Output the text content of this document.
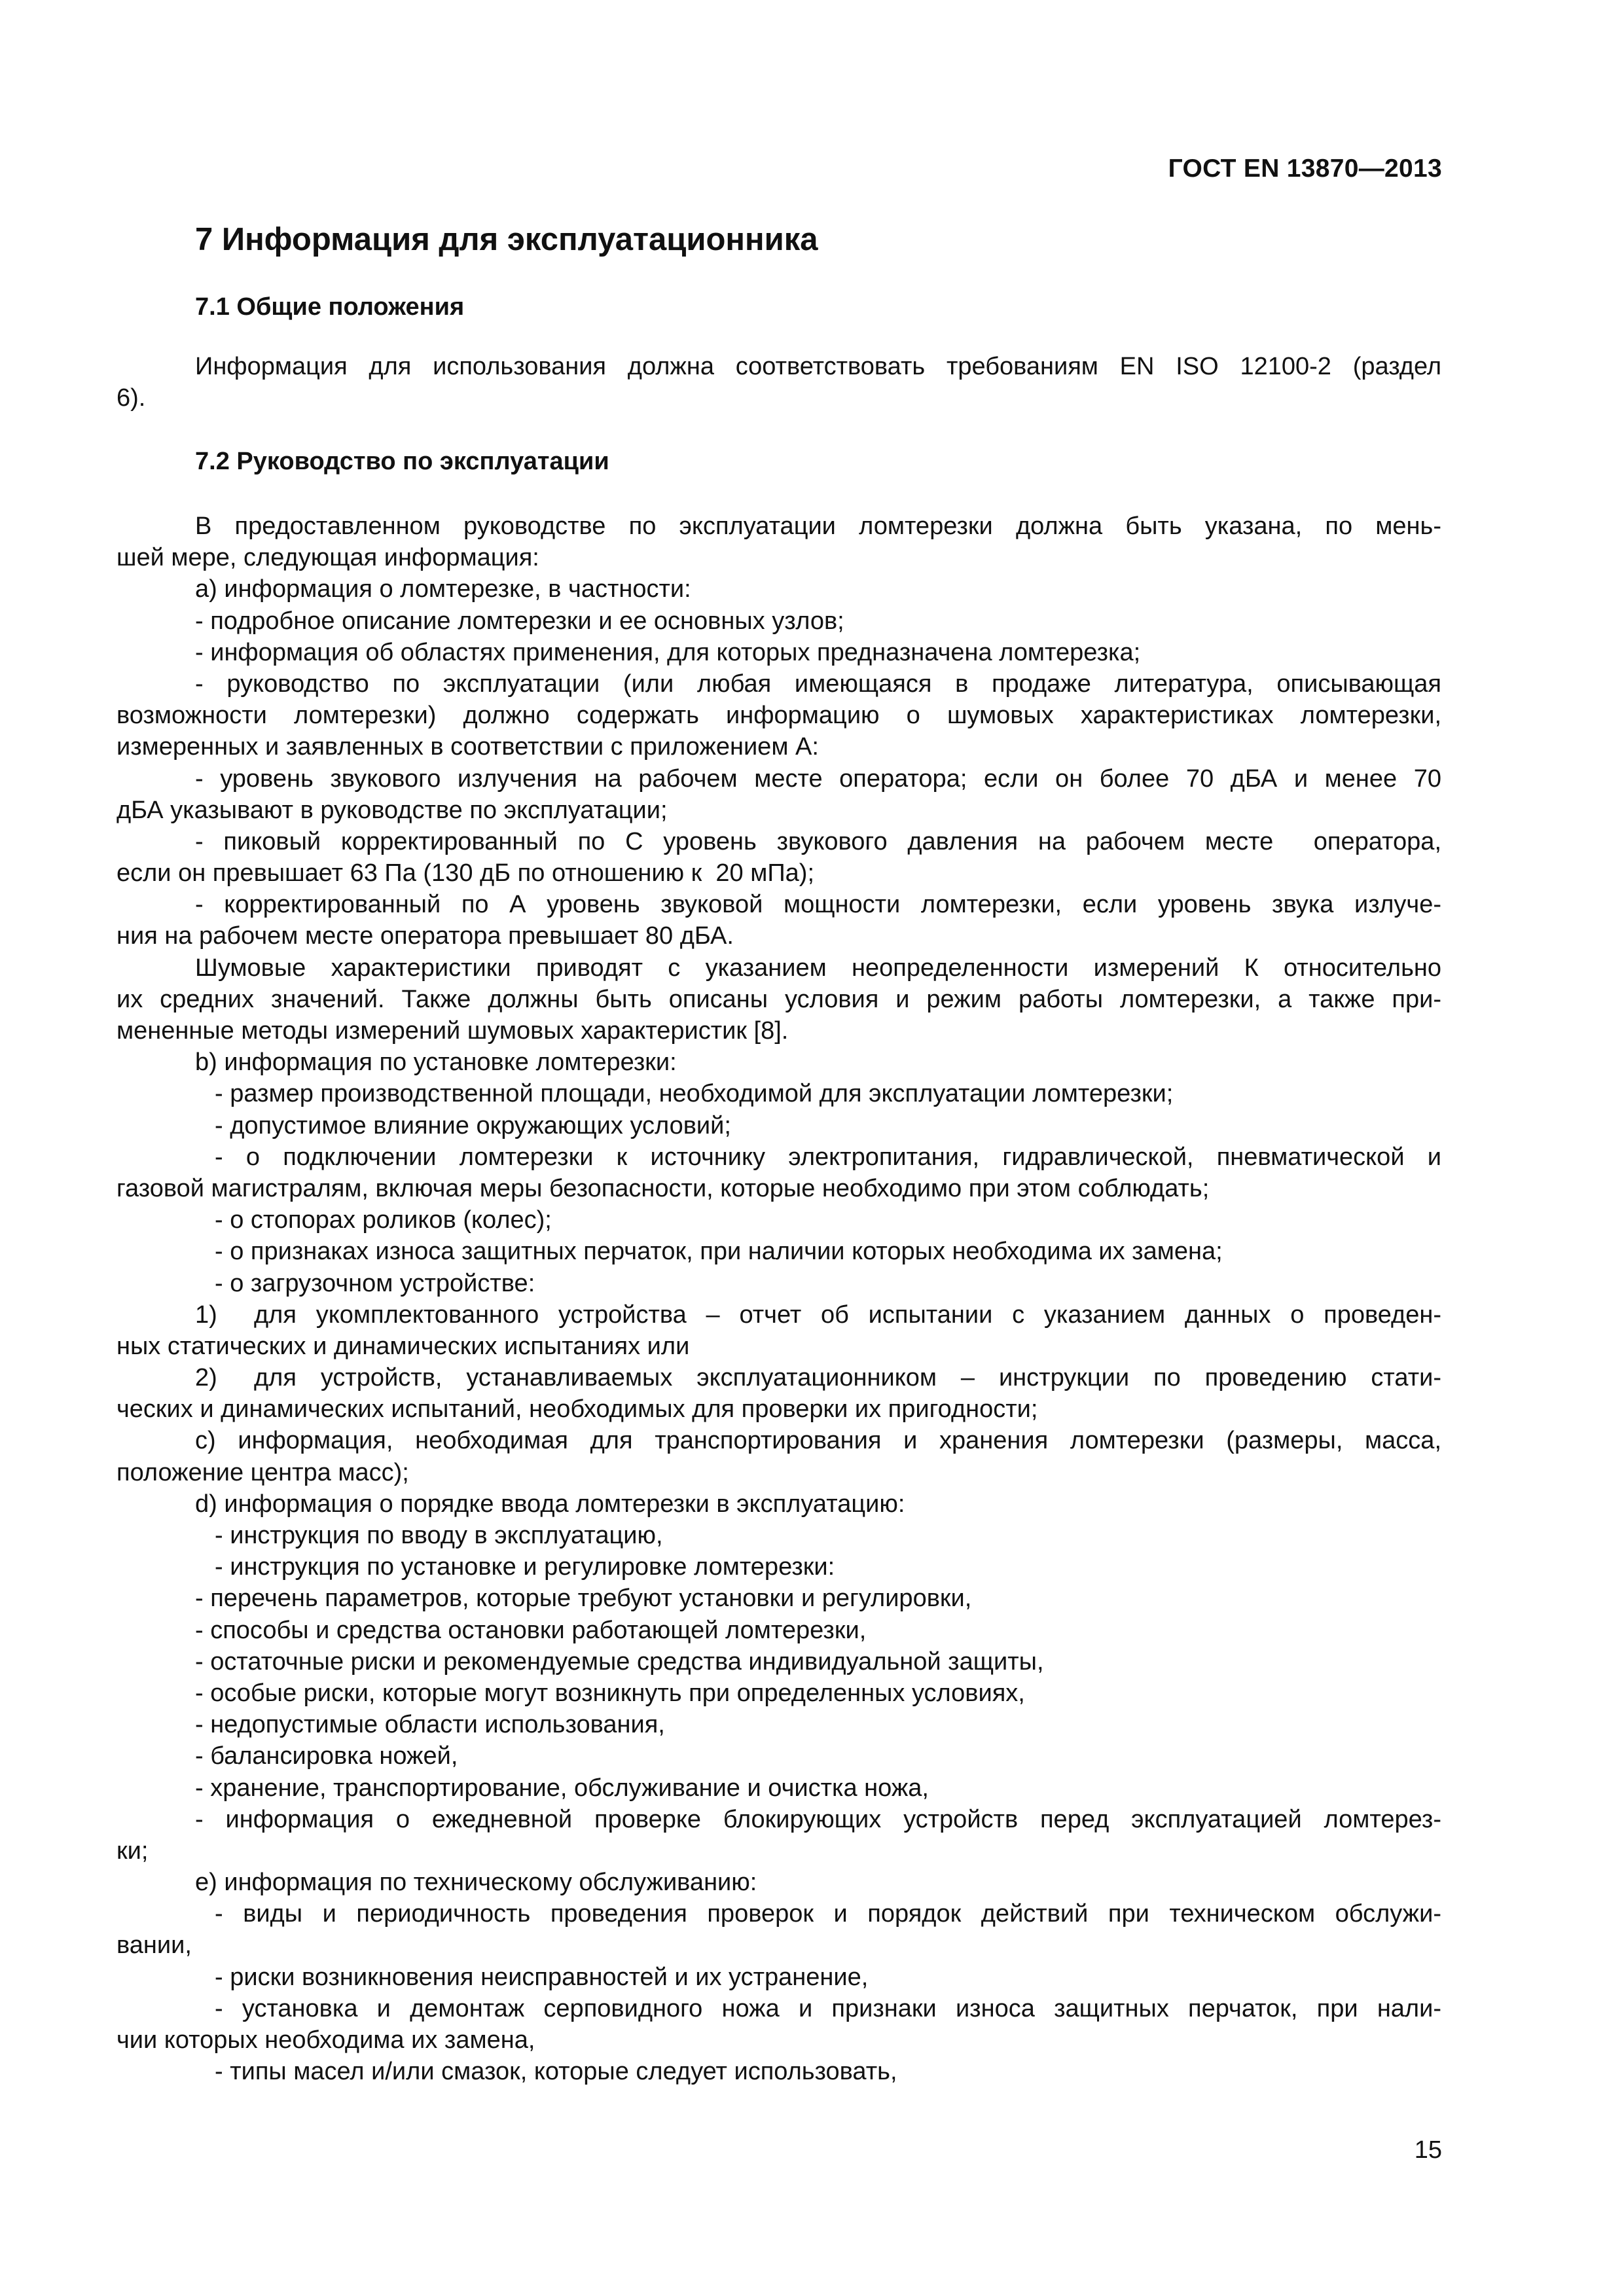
ГОСТ EN 13870—2013
7 Информация для эксплуатационника
7.1 Общие положения
Информация для использования должна соответствовать требованиям EN ISO 12100-2 (раздел
6).
7.2 Руководство по эксплуатации
В предоставленном руководстве по эксплуатации ломтерезки должна быть указана, по мень-
шей мере, следующая информация:
а) информация о ломтерезке, в частности:
- подробное описание ломтерезки и ее основных узлов;
- информация об областях применения, для которых предназначена ломтерезка;
- руководство по эксплуатации (или любая имеющаяся в продаже литература, описывающая
возможности ломтерезки) должно содержать информацию о шумовых характеристиках ломтерезки,
измеренных и заявленных в соответствии с приложением А:
- уровень звукового излучения на рабочем месте оператора; если он более 70 дБА и менее 70
дБА указывают в руководстве по эксплуатации;
- пиковый корректированный по С уровень звукового давления на рабочем месте  оператора,
если он превышает 63 Па (130 дБ по отношению к  20 мПа);
- корректированный по А уровень звуковой мощности ломтерезки, если уровень звука излуче-
ния на рабочем месте оператора превышает 80 дБА.
Шумовые характеристики приводят с указанием неопределенности измерений К относительно
их средних значений. Также должны быть описаны условия и режим работы ломтерезки, а также при-
мененные методы измерений шумовых характеристик [8].
b) информация по установке ломтерезки:
- размер производственной площади, необходимой для эксплуатации ломтерезки;
- допустимое влияние окружающих условий;
- о подключении ломтерезки к источнику электропитания, гидравлической, пневматической и
газовой магистралям, включая меры безопасности, которые необходимо при этом соблюдать;
- о стопорах роликов (колес);
- о признаках износа защитных перчаток, при наличии которых необходима их замена;
- о загрузочном устройстве:
1)	для укомплектованного устройства – отчет об испытании с указанием данных о проведен-
ных статических и динамических испытаниях или
2)	для устройств, устанавливаемых эксплуатационником – инструкции по проведению стати-
ческих и динамических испытаний, необходимых для проверки их пригодности;
с) информация, необходимая для транспортирования и хранения ломтерезки (размеры, масса,
положение центра масс);
d) информация о порядке ввода ломтерезки в эксплуатацию:
- инструкция по вводу в эксплуатацию,
- инструкция по установке и регулировке ломтерезки:
- перечень параметров, которые требуют установки и регулировки,
- способы и средства остановки работающей ломтерезки,
- остаточные риски и рекомендуемые средства индивидуальной защиты,
- особые риски, которые могут возникнуть при определенных условиях,
- недопустимые области использования,
- балансировка ножей,
- хранение, транспортирование, обслуживание и очистка ножа,
- информация о ежедневной проверке блокирующих устройств перед эксплуатацией ломтерез-
ки;
е) информация по техническому обслуживанию:
- виды и периодичность проведения проверок и порядок действий при техническом обслужи-
вании,
- риски возникновения неисправностей и их устранение,
- установка и демонтаж серповидного ножа и признаки износа защитных перчаток, при нали-
чии которых необходима их замена,
- типы масел и/или смазок, которые следует использовать,
15
